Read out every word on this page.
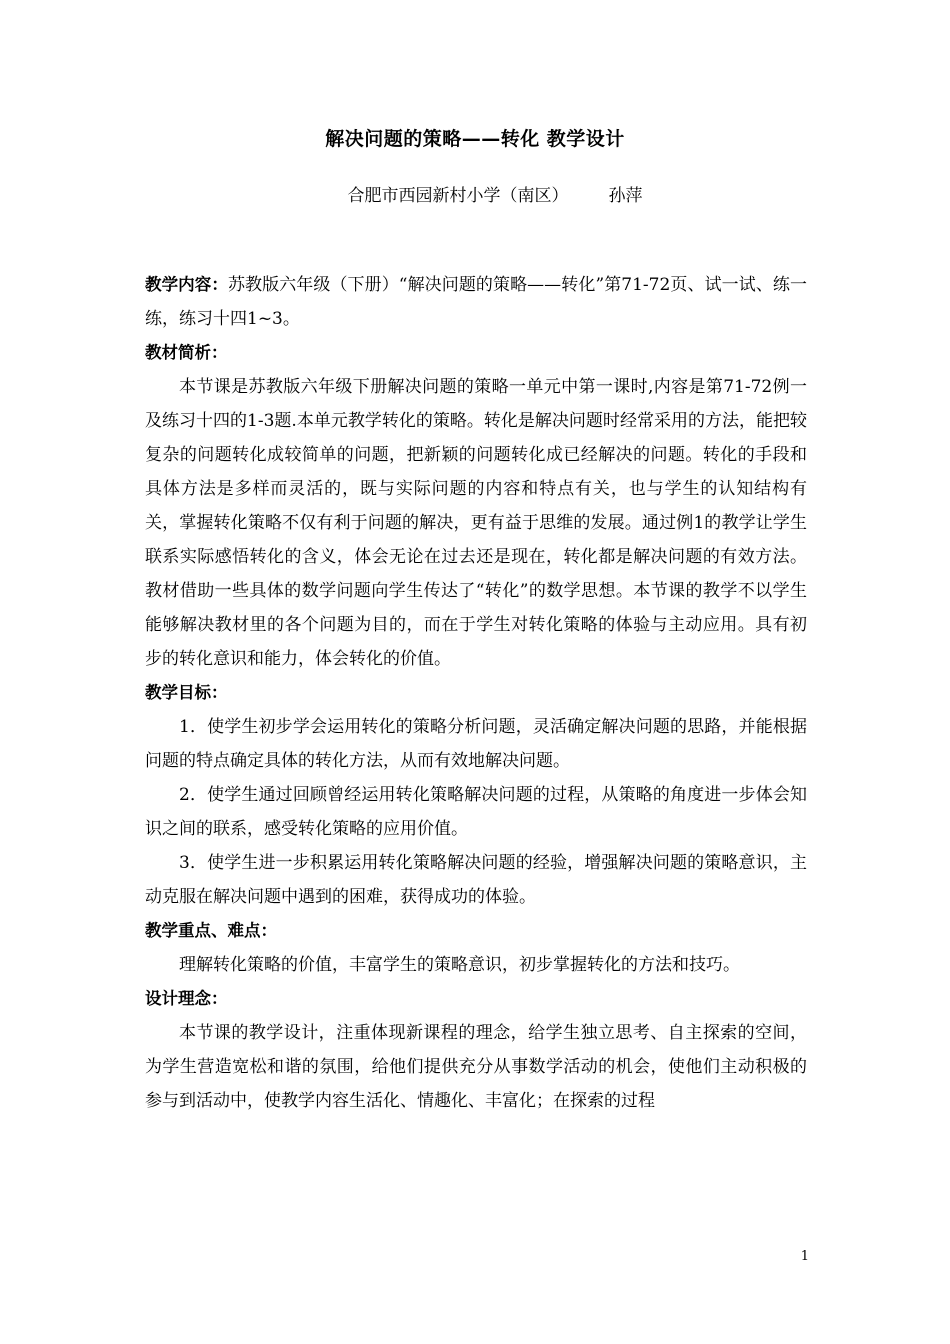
解决问题的策略——转化 教学设计
合肥市西园新村小学（南区） 孙萍

教学内容：苏教版六年级（下册）“解决问题的策略——转化”第71-72页、试一试、练一练，练习十四1~3。

教材简析：

本节课是苏教版六年级下册解决问题的策略一单元中第一课时,内容是第71-72例一及练习十四的1-3题.本单元教学转化的策略。转化是解决问题时经常采用的方法，能把较复杂的问题转化成较简单的问题，把新颖的问题转化成已经解决的问题。转化的手段和具体方法是多样而灵活的，既与实际问题的内容和特点有关，也与学生的认知结构有关，掌握转化策略不仅有利于问题的解决，更有益于思维的发展。通过例1的教学让学生联系实际感悟转化的含义，体会无论在过去还是现在，转化都是解决问题的有效方法。教材借助一些具体的数学问题向学生传达了“转化”的数学思想。本节课的教学不以学生能够解决教材里的各个问题为目的，而在于学生对转化策略的体验与主动应用。具有初步的转化意识和能力，体会转化的价值。

教学目标：

1．使学生初步学会运用转化的策略分析问题，灵活确定解决问题的思路，并能根据问题的特点确定具体的转化方法，从而有效地解决问题。

2．使学生通过回顾曾经运用转化策略解决问题的过程，从策略的角度进一步体会知识之间的联系，感受转化策略的应用价值。

3．使学生进一步积累运用转化策略解决问题的经验，增强解决问题的策略意识，主动克服在解决问题中遇到的困难，获得成功的体验。

教学重点、难点：

理解转化策略的价值，丰富学生的策略意识，初步掌握转化的方法和技巧。

设计理念：

本节课的教学设计，注重体现新课程的理念，给学生独立思考、自主探索的空间，为学生营造宽松和谐的氛围，给他们提供充分从事数学活动的机会，使他们主动积极的参与到活动中，使教学内容生活化、情趣化、丰富化；在探索的过程

1
